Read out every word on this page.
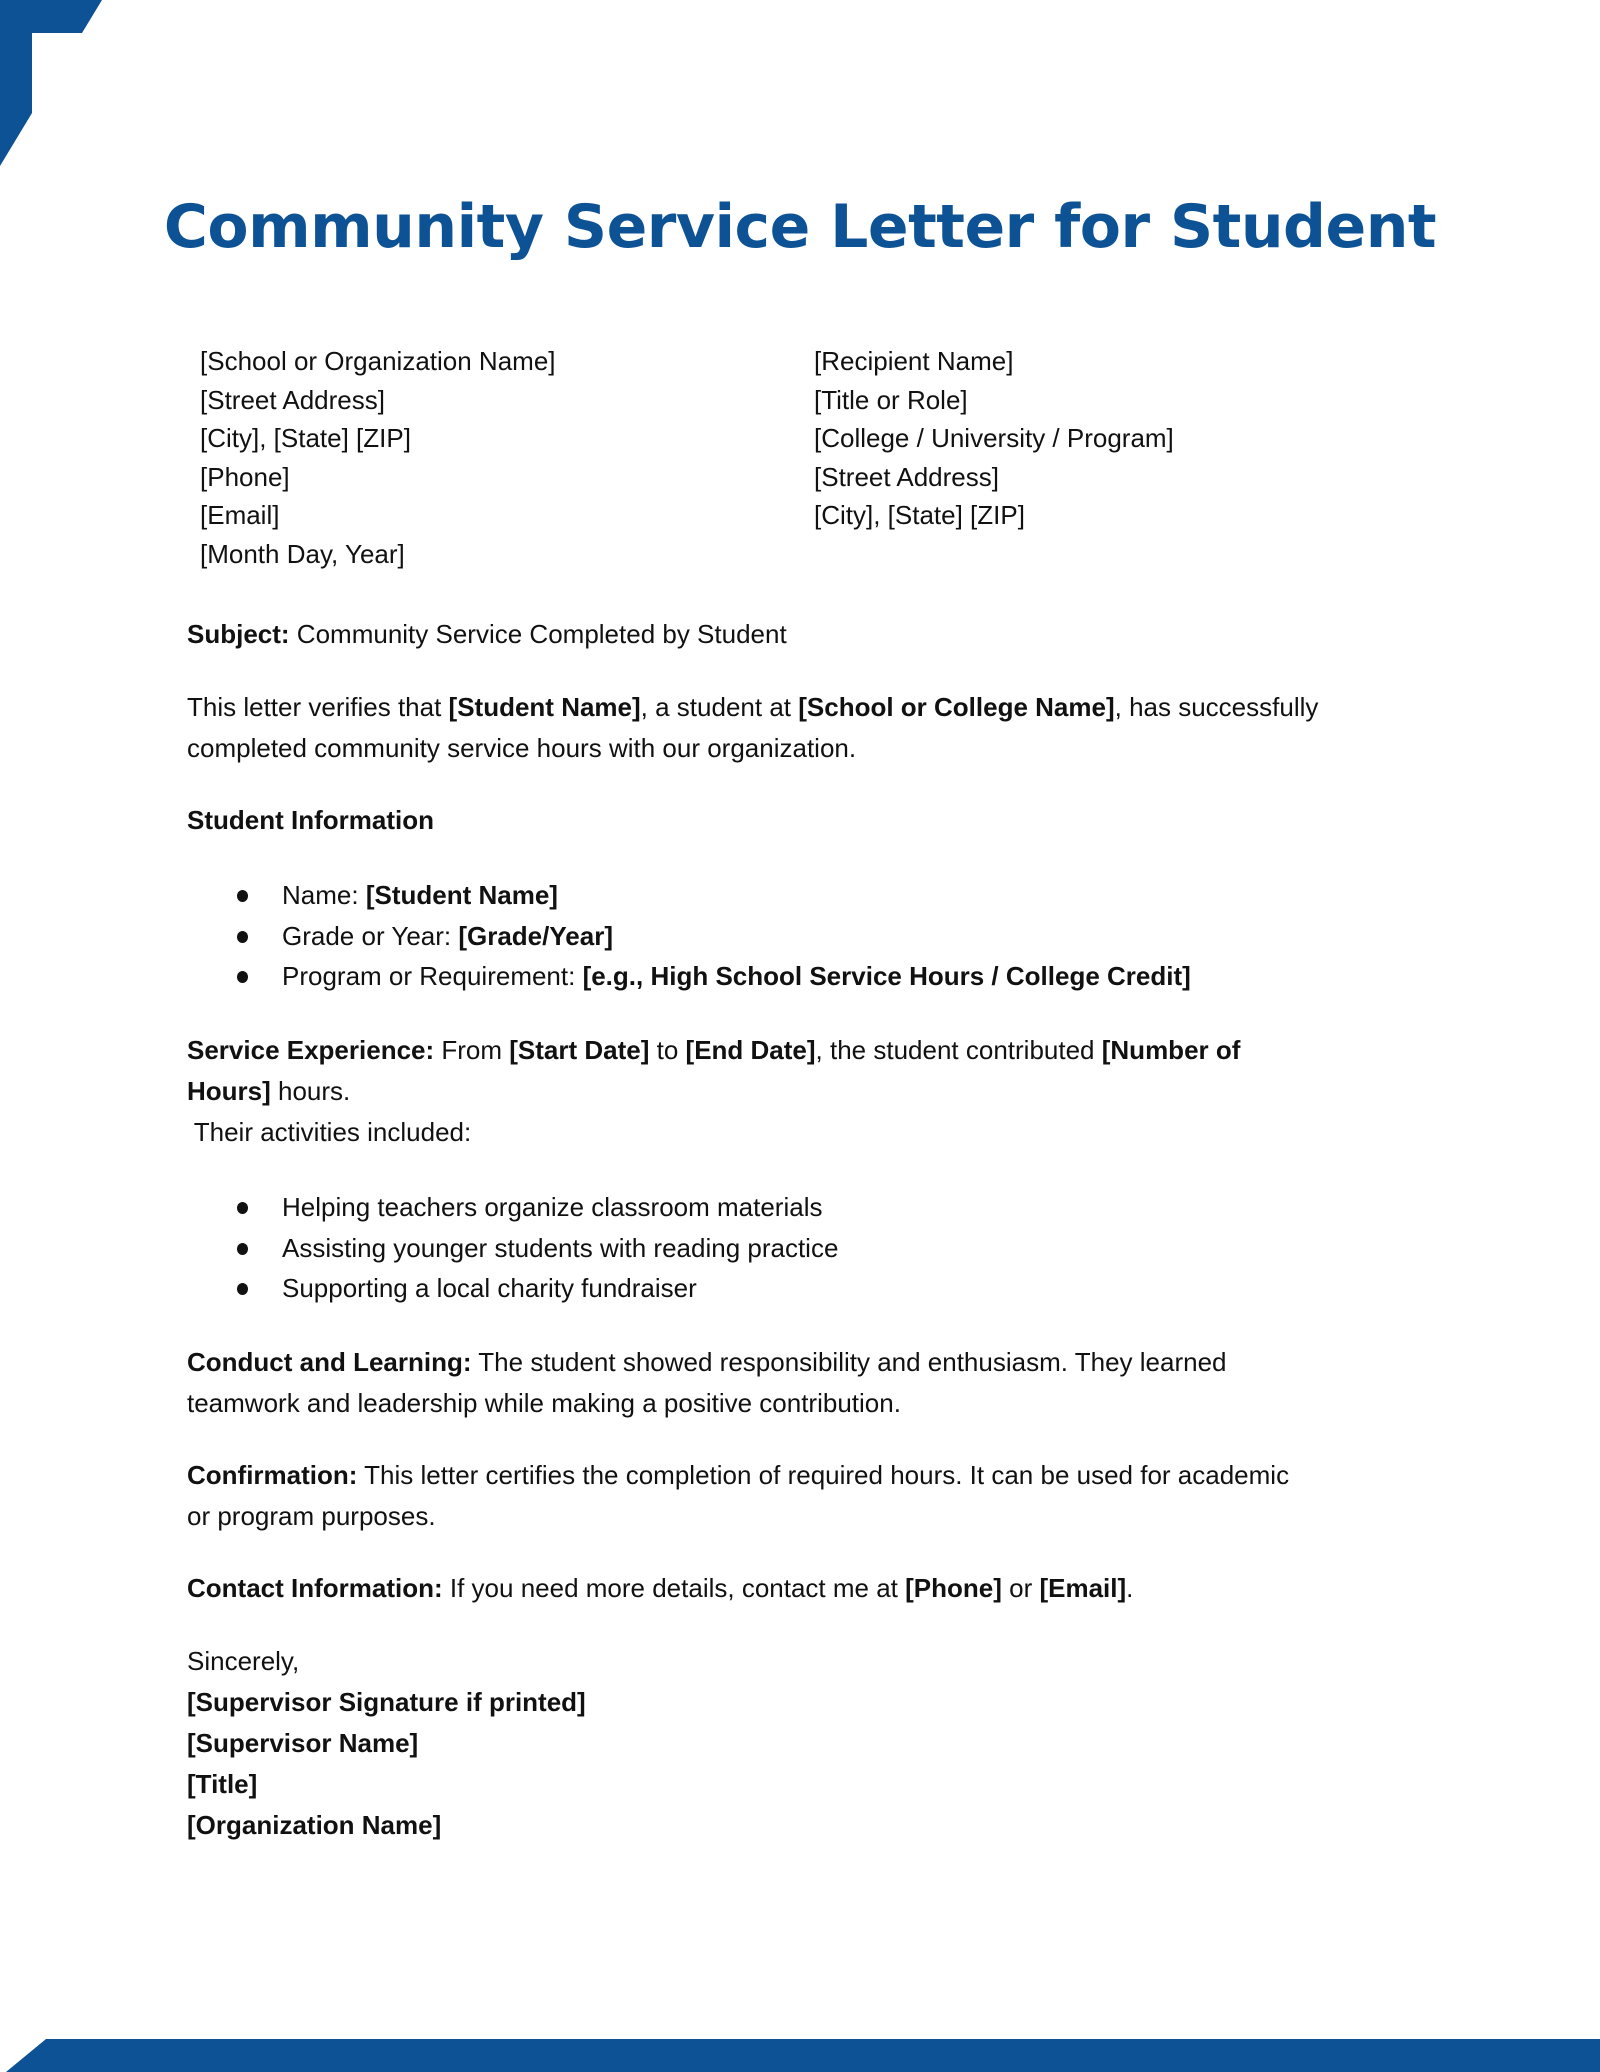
Community Service Letter for Student
[School or Organization Name]
[Street Address]
[City], [State] [ZIP]
[Phone]
[Email]
[Month Day, Year]
[Recipient Name]
[Title or Role]
[College / University / Program]
[Street Address]
[City], [State] [ZIP]

Subject: Community Service Completed by Student

This letter verifies that [Student Name], a student at [School or College Name], has successfully

completed community service hours with our organization.

Student Information

Name: [Student Name]
Grade or Year: [Grade/Year]
Program or Requirement: [e.g., High School Service Hours / College Credit]

Service Experience: From [Start Date] to [End Date], the student contributed [Number of

Hours] hours.

Their activities included:

Helping teachers organize classroom materials
Assisting younger students with reading practice
Supporting a local charity fundraiser

Conduct and Learning: The student showed responsibility and enthusiasm. They learned

teamwork and leadership while making a positive contribution.

Confirmation: This letter certifies the completion of required hours. It can be used for academic

or program purposes.

Contact Information: If you need more details, contact me at [Phone] or [Email].

Sincerely,

[Supervisor Signature if printed]

[Supervisor Name]

[Title]

[Organization Name]
